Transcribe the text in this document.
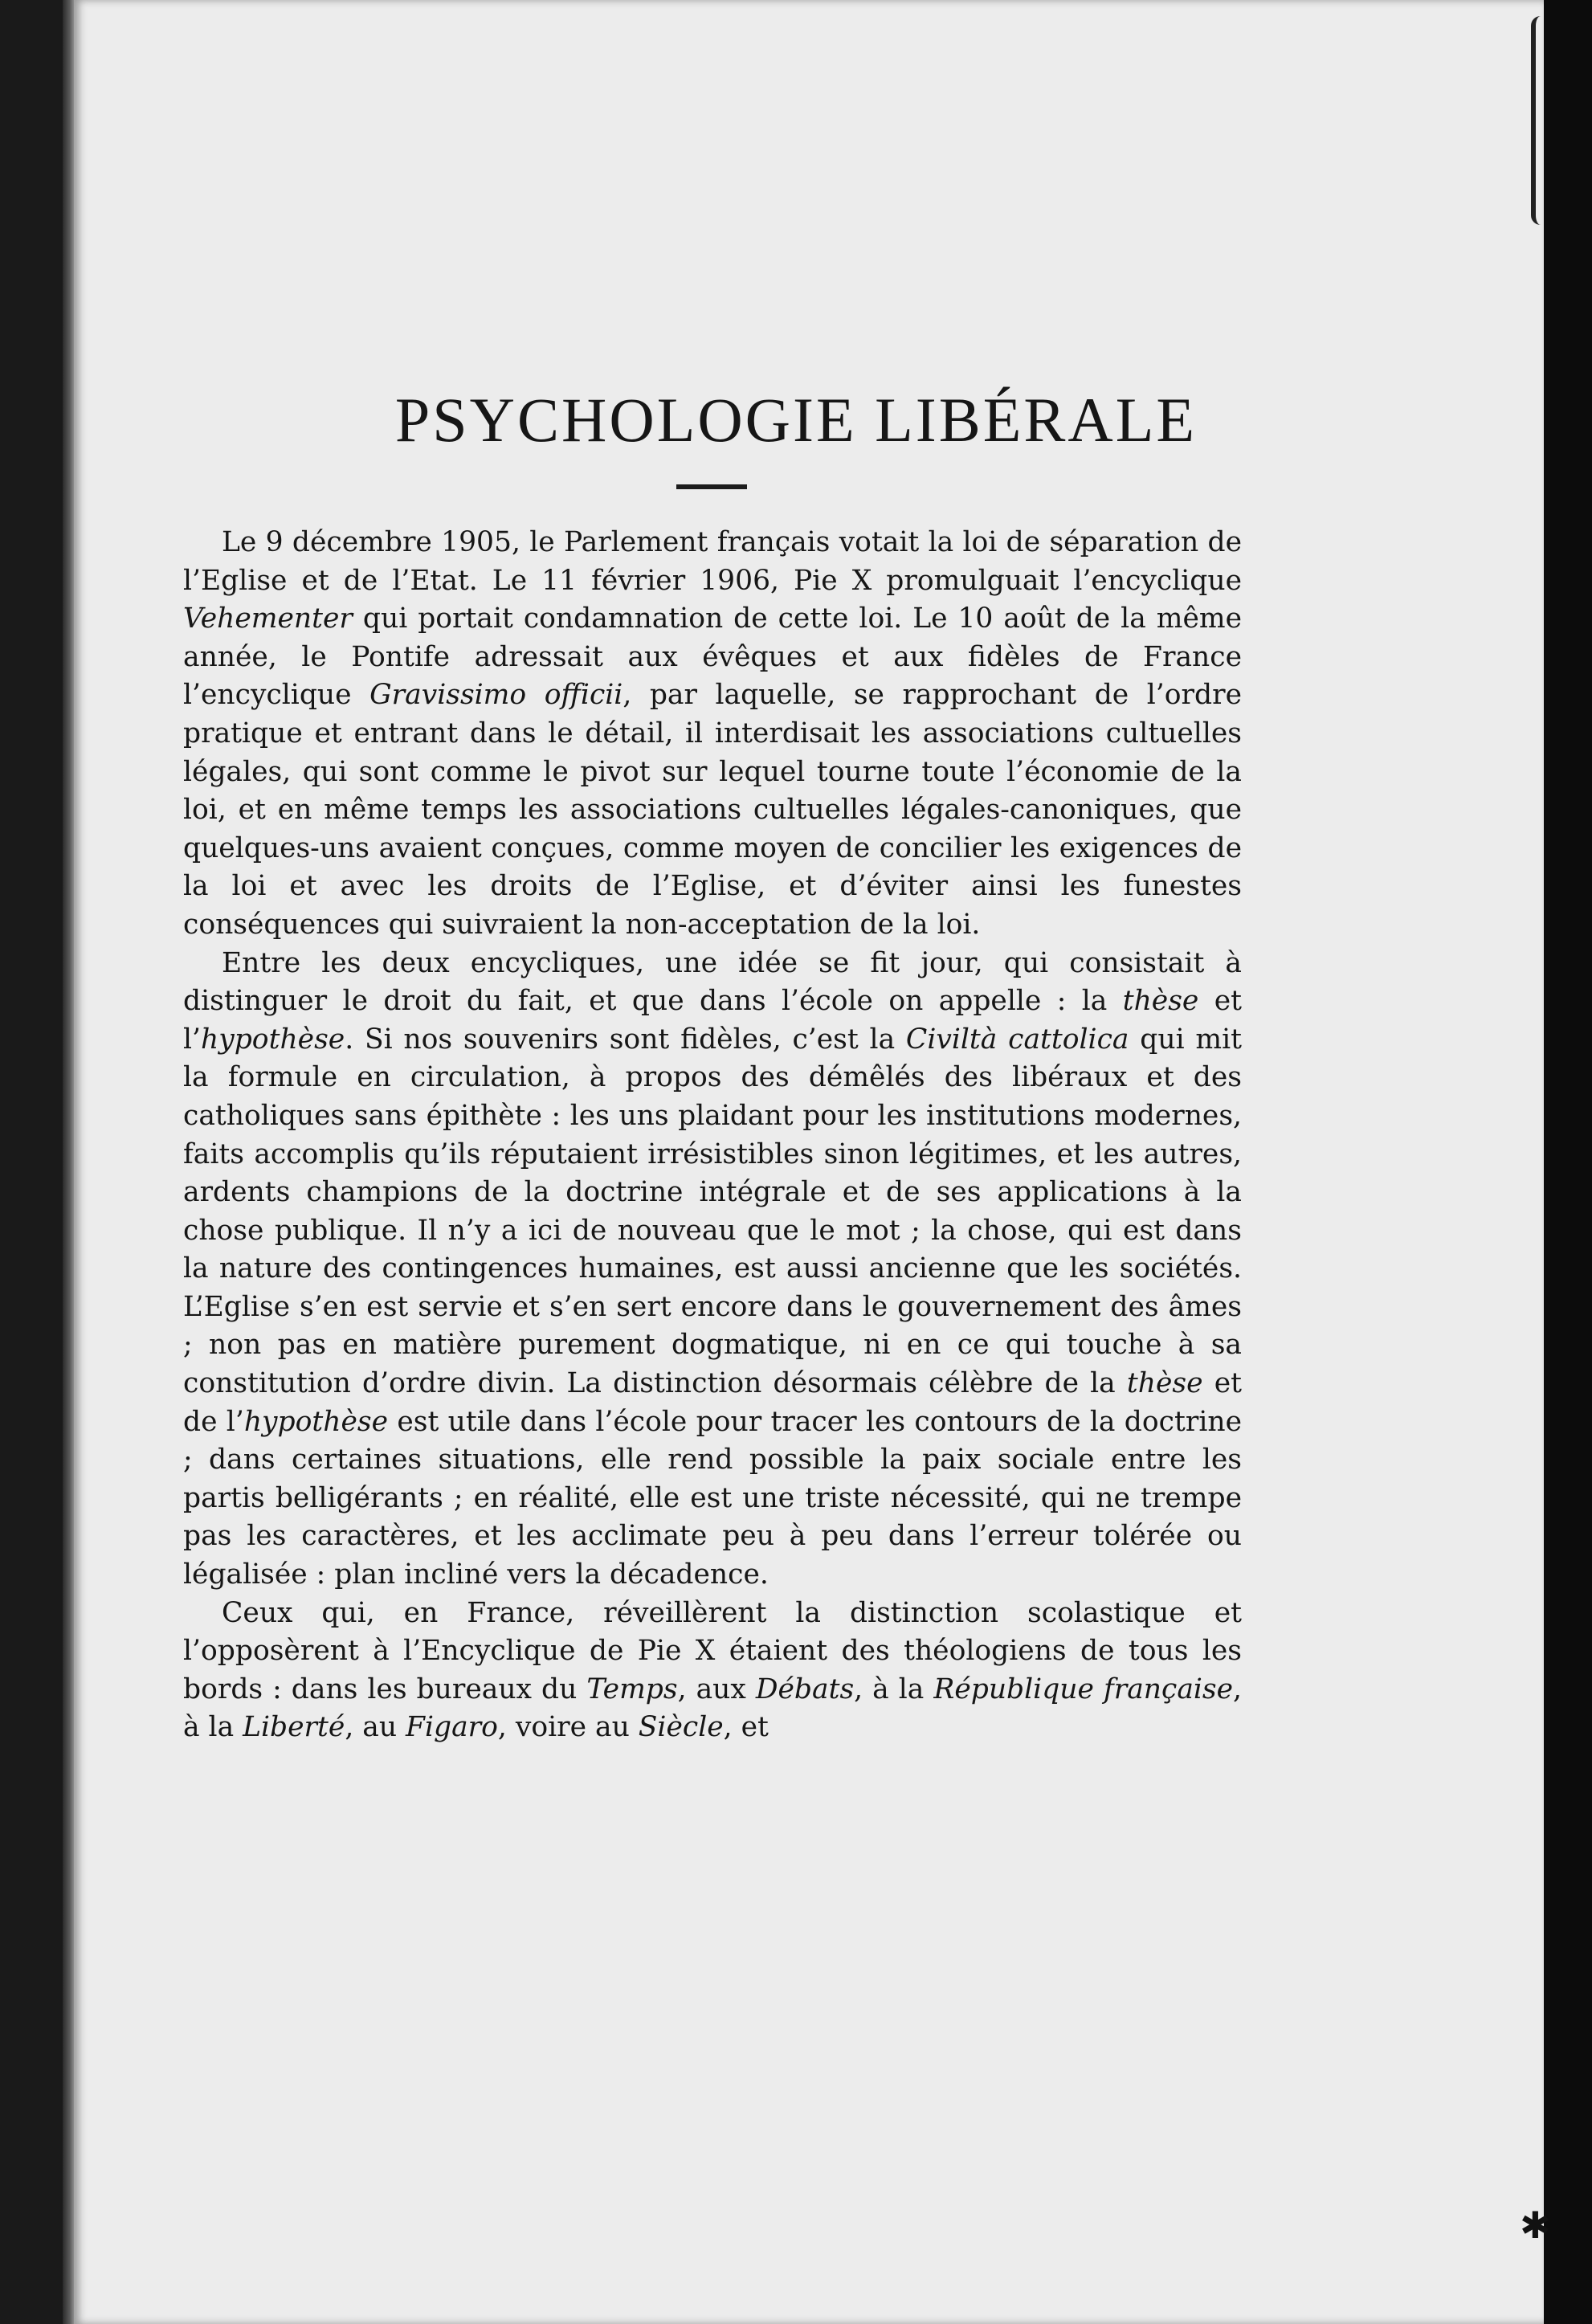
PSYCHOLOGIE LIBÉRALE

Le 9 décembre 1905, le Parlement français votait la loi de séparation de l’Eglise et de l’Etat. Le 11 février 1906, Pie X promulguait l’encyclique Vehementer qui portait condamnation de cette loi. Le 10 août de la même année, le Pontife adressait aux évêques et aux fidèles de France l’encyclique Gravissimo officii, par laquelle, se rapprochant de l’ordre pratique et entrant dans le détail, il interdisait les associations cultuelles légales, qui sont comme le pivot sur lequel tourne toute l’économie de la loi, et en même temps les associations cultuelles légales-canoniques, que quelques-uns avaient conçues, comme moyen de concilier les exigences de la loi et avec les droits de l’Eglise, et d’éviter ainsi les funestes conséquences qui suivraient la non-acceptation de la loi.

Entre les deux encycliques, une idée se fit jour, qui consistait à distinguer le droit du fait, et que dans l’école on appelle : la thèse et l’hypothèse. Si nos souvenirs sont fidèles, c’est la Civiltà cattolica qui mit la formule en circulation, à propos des démêlés des libéraux et des catholiques sans épithète : les uns plaidant pour les institutions modernes, faits accomplis qu’ils réputaient irrésistibles sinon légitimes, et les autres, ardents champions de la doctrine intégrale et de ses applications à la chose publique. Il n’y a ici de nouveau que le mot ; la chose, qui est dans la nature des contingences humaines, est aussi ancienne que les sociétés. L’Eglise s’en est servie et s’en sert encore dans le gouvernement des âmes ; non pas en matière purement dogmatique, ni en ce qui touche à sa constitution d’ordre divin. La distinction désormais célèbre de la thèse et de l’hypothèse est utile dans l’école pour tracer les contours de la doctrine ; dans certaines situations, elle rend possible la paix sociale entre les partis belligérants ; en réalité, elle est une triste nécessité, qui ne trempe pas les caractères, et les acclimate peu à peu dans l’erreur tolérée ou légalisée : plan incliné vers la décadence.

Ceux qui, en France, réveillèrent la distinction scolastique et l’opposèrent à l’Encyclique de Pie X étaient des théologiens de tous les bords : dans les bureaux du Temps, aux Débats, à la République française, à la Liberté, au Figaro, voire au Siècle, et

✱
